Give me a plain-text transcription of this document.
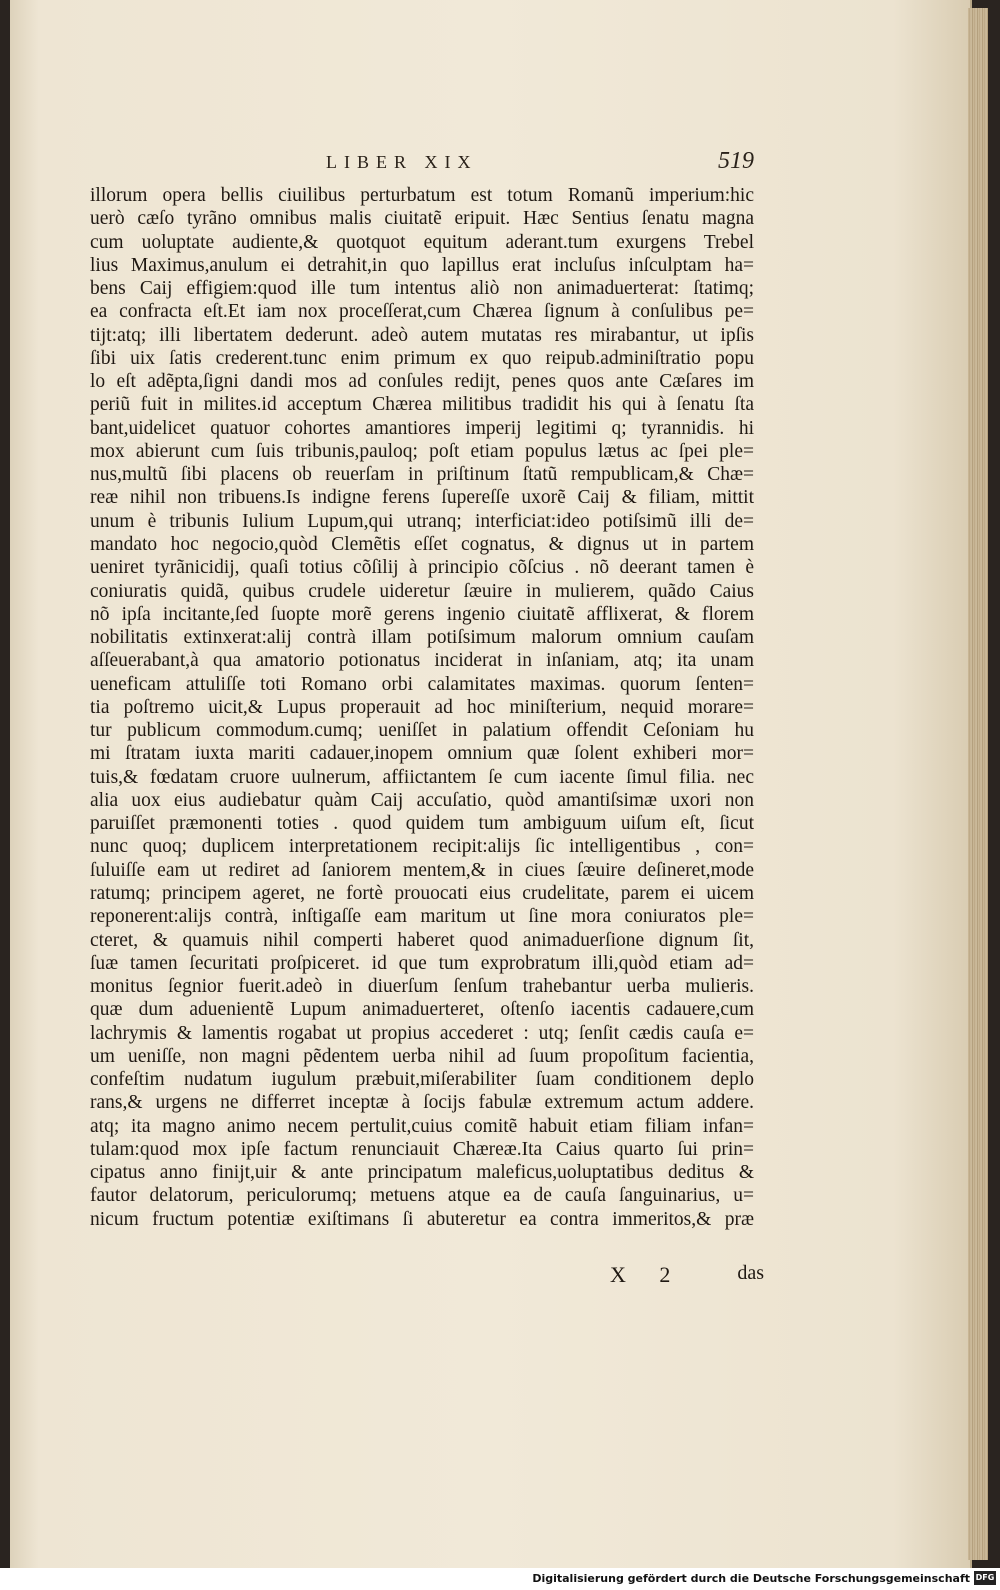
LIBER XIX	519
illorum opera bellis ciuilibus perturbatum est totum Romanũ imperium:hic
uerò cæſo tyrãno omnibus malis ciuitatẽ eripuit. Hæc Sentius ſenatu magna
cum uoluptate audiente,& quotquot equitum aderant.tum exurgens Trebel
lius Maximus,anulum ei detrahit,in quo lapillus erat incluſus inſculptam ha=
bens Caij effigiem:quod ille tum intentus aliò non animaduerterat: ſtatimq;
ea confracta eſt.Et iam nox proceſſerat,cum Chærea ſignum à conſulibus pe=
tijt:atq; illi libertatem dederunt. adeò autem mutatas res mirabantur, ut ipſis
ſibi uix ſatis crederent.tunc enim primum ex quo reipub.adminiſtratio popu
lo eſt adẽpta,ſigni dandi mos ad conſules redijt, penes quos ante Cæſares im
periũ fuit in milites.id acceptum Chærea militibus tradidit his qui à ſenatu ſta
bant,uidelicet quatuor cohortes amantiores imperij legitimi q; tyrannidis. hi
mox abierunt cum ſuis tribunis,pauloq; poſt etiam populus lætus ac ſpei ple=
nus,multũ ſibi placens ob reuerſam in priſtinum ſtatũ rempublicam,& Chæ=
reæ nihil non tribuens.Is indigne ferens ſupereſſe uxorẽ Caij & filiam, mittit
unum è tribunis Iulium Lupum,qui utranq; interficiat:ideo potiſsimũ illi de=
mandato hoc negocio,quòd Clemẽtis eſſet cognatus, & dignus ut in partem
ueniret tyrãnicidij, quaſi totius cõſilij à principio cõſcius . nõ deerant tamen è
coniuratis quidã, quibus crudele uideretur ſæuire in mulierem, quãdo Caius
nõ ipſa incitante,ſed ſuopte morẽ gerens ingenio ciuitatẽ afflixerat, & florem
nobilitatis extinxerat:alij contrà illam potiſsimum malorum omnium cauſam
aſſeuerabant,à qua amatorio potionatus inciderat in inſaniam, atq; ita unam
ueneficam attuliſſe toti Romano orbi calamitates maximas. quorum ſenten=
tia poſtremo uicit,& Lupus properauit ad hoc miniſterium, nequid morare=
tur publicum commodum.cumq; ueniſſet in palatium offendit Ceſoniam hu
mi ſtratam iuxta mariti cadauer,inopem omnium quæ ſolent exhiberi mor=
tuis,& fœdatam cruore uulnerum, affiictantem ſe cum iacente ſimul filia. nec
alia uox eius audiebatur quàm Caij accuſatio, quòd amantiſsimæ uxori non
paruiſſet præmonenti toties . quod quidem tum ambiguum uiſum eſt, ſicut
nunc quoq; duplicem interpretationem recipit:alijs ſic intelligentibus , con=
ſuluiſſe eam ut rediret ad ſaniorem mentem,& in ciues ſæuire deſineret,mode
ratumq; principem ageret, ne fortè prouocati eius crudelitate, parem ei uicem
reponerent:alijs contrà, inſtigaſſe eam maritum ut ſine mora coniuratos ple=
cteret, & quamuis nihil comperti haberet quod animaduerſione dignum ſit,
ſuæ tamen ſecuritati proſpiceret. id que tum exprobratum illi,quòd etiam ad=
monitus ſegnior fuerit.adeò in diuerſum ſenſum trahebantur uerba mulieris.
quæ dum aduenientẽ Lupum animaduerteret, oſtenſo iacentis cadauere,cum
lachrymis & lamentis rogabat ut propius accederet : utq; ſenſit cædis cauſa e=
um ueniſſe, non magni pẽdentem uerba nihil ad ſuum propoſitum facientia,
confeſtim nudatum iugulum præbuit,miſerabiliter ſuam conditionem deplo
rans,& urgens ne differret inceptæ à ſocijs fabulæ extremum actum addere.
atq; ita magno animo necem pertulit,cuius comitẽ habuit etiam filiam infan=
tulam:quod mox ipſe factum renunciauit Chæreæ.Ita Caius quarto ſui prin=
cipatus anno finijt,uir & ante principatum maleficus,uoluptatibus deditus &
fautor delatorum, periculorumq; metuens atque ea de cauſa ſanguinarius, u=
nicum fructum potentiæ exiſtimans ſi abuteretur ea contra immeritos,& præ
X 2	das
Digitalisierung gefördert durch die Deutsche Forschungsgemeinschaft DFG
